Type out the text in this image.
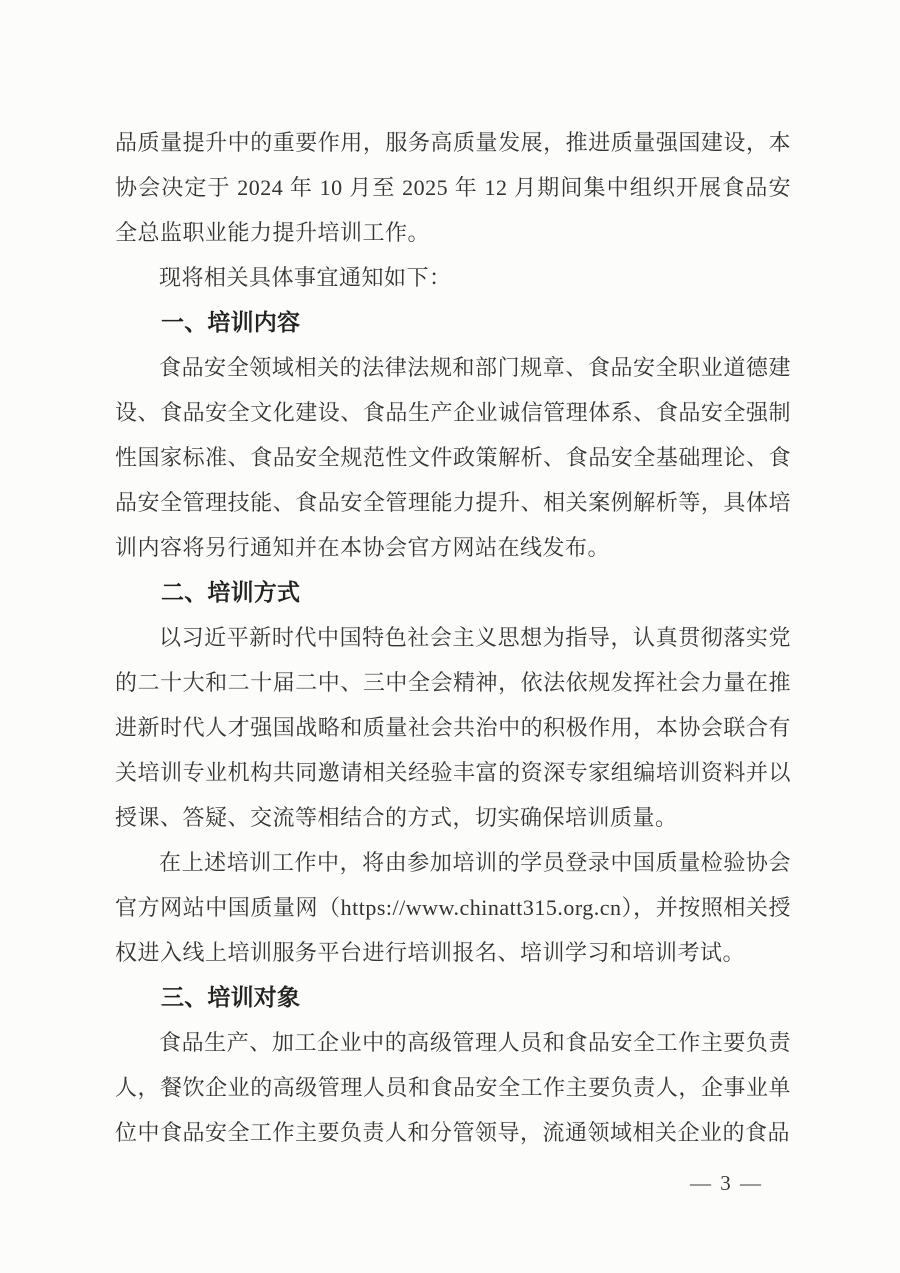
品质量提升中的重要作用，服务高质量发展，推进质量强国建设，本协会决定于 2024 年 10 月至 2025 年 12 月期间集中组织开展食品安全总监职业能力提升培训工作。

现将相关具体事宜通知如下：

一、培训内容

食品安全领域相关的法律法规和部门规章、食品安全职业道德建设、食品安全文化建设、食品生产企业诚信管理体系、食品安全强制性国家标准、食品安全规范性文件政策解析、食品安全基础理论、食品安全管理技能、食品安全管理能力提升、相关案例解析等，具体培训内容将另行通知并在本协会官方网站在线发布。

二、培训方式

以习近平新时代中国特色社会主义思想为指导，认真贯彻落实党的二十大和二十届二中、三中全会精神，依法依规发挥社会力量在推进新时代人才强国战略和质量社会共治中的积极作用，本协会联合有关培训专业机构共同邀请相关经验丰富的资深专家组编培训资料并以授课、答疑、交流等相结合的方式，切实确保培训质量。

在上述培训工作中，将由参加培训的学员登录中国质量检验协会官方网站中国质量网（https://www.chinatt315.org.cn），并按照相关授权进入线上培训服务平台进行培训报名、培训学习和培训考试。

三、培训对象

食品生产、加工企业中的高级管理人员和食品安全工作主要负责人，餐饮企业的高级管理人员和食品安全工作主要负责人，企事业单位中食品安全工作主要负责人和分管领导，流通领域相关企业的食品

— 3 —
